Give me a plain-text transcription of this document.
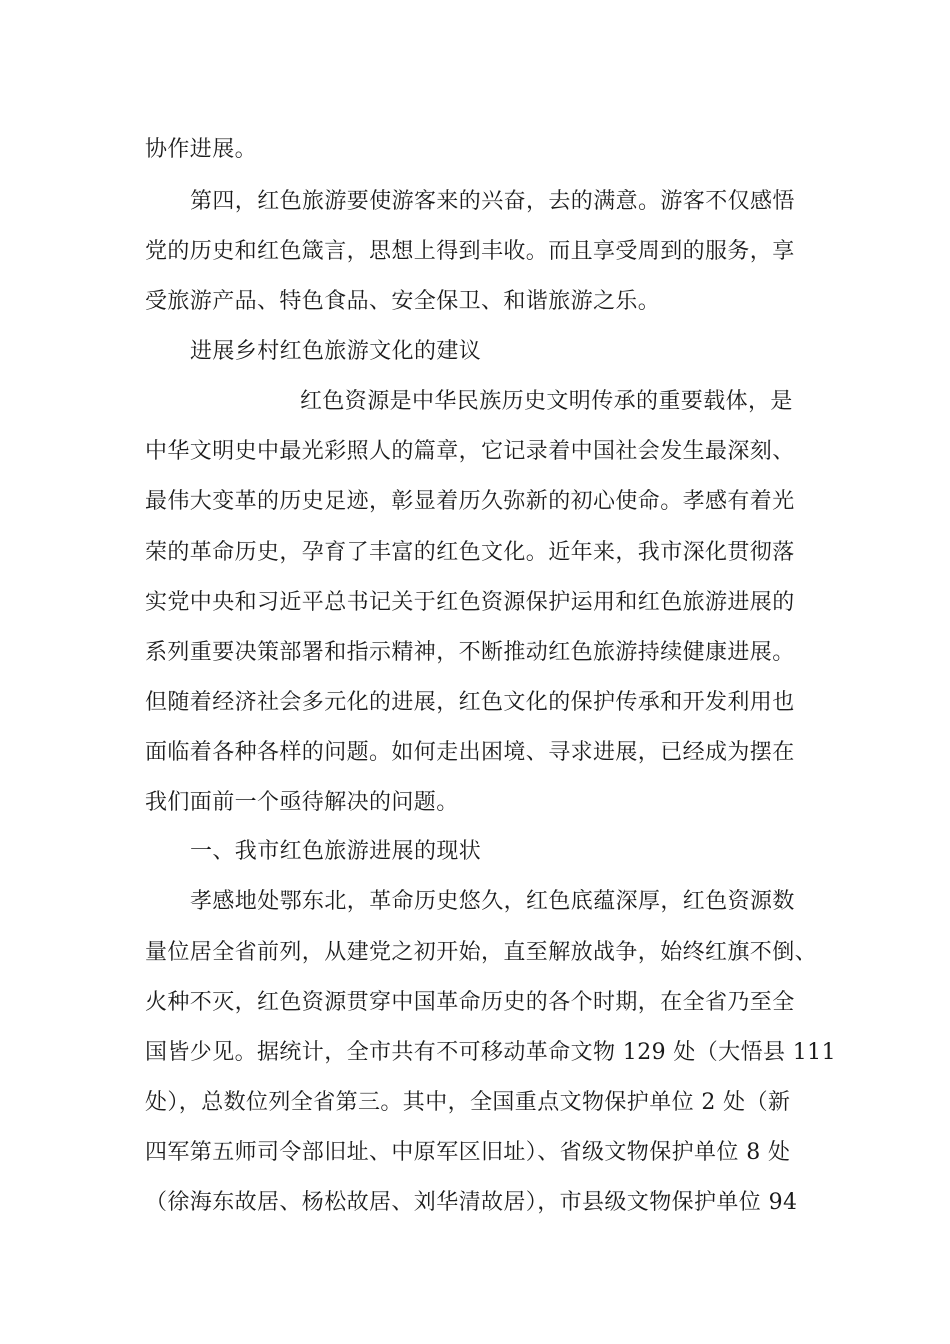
协作进展。
第四，红色旅游要使游客来的兴奋，去的满意。游客不仅感悟
党的历史和红色箴言，思想上得到丰收。而且享受周到的服务，享
受旅游产品、特色食品、安全保卫、和谐旅游之乐。
进展乡村红色旅游文化的建议
红色资源是中华民族历史文明传承的重要载体，是
中华文明史中最光彩照人的篇章，它记录着中国社会发生最深刻、
最伟大变革的历史足迹，彰显着历久弥新的初心使命。孝感有着光
荣的革命历史，孕育了丰富的红色文化。近年来，我市深化贯彻落
实党中央和习近平总书记关于红色资源保护运用和红色旅游进展的
系列重要决策部署和指示精神，不断推动红色旅游持续健康进展。
但随着经济社会多元化的进展，红色文化的保护传承和开发利用也
面临着各种各样的问题。如何走出困境、寻求进展，已经成为摆在
我们面前一个亟待解决的问题。
一、我市红色旅游进展的现状
孝感地处鄂东北，革命历史悠久，红色底蕴深厚，红色资源数
量位居全省前列，从建党之初开始，直至解放战争，始终红旗不倒、
火种不灭，红色资源贯穿中国革命历史的各个时期，在全省乃至全
国皆少见。据统计，全市共有不可移动革命文物 129 处（大悟县 111
处），总数位列全省第三。其中，全国重点文物保护单位 2 处（新
四军第五师司令部旧址、中原军区旧址）、省级文物保护单位 8 处
（徐海东故居、杨松故居、刘华清故居），市县级文物保护单位 94
